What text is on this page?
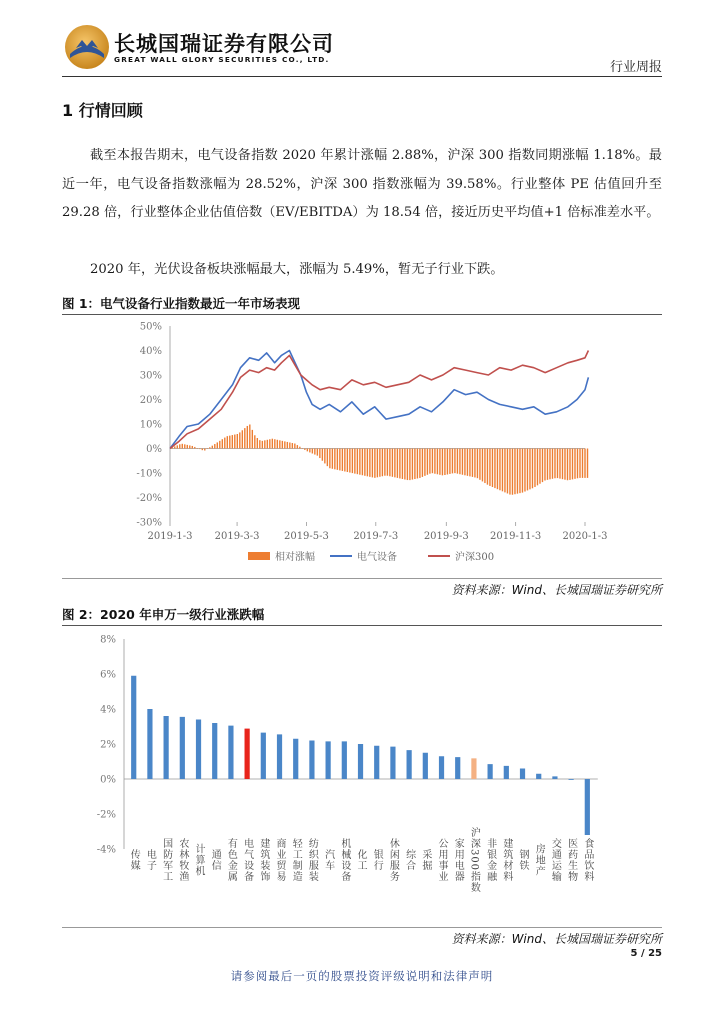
长城国瑞证券有限公司
GREAT WALL GLORY SECURITIES CO., LTD.
行业周报
1 行情回顾

截至本报告期末，电气设备指数 2020 年累计涨幅 2.88%，沪深 300 指数同期涨幅 1.18%。最近一年，电气设备指数涨幅为 28.52%，沪深 300 指数涨幅为 39.58%。行业整体 PE 估值回升至 29.28 倍，行业整体企业估值倍数（EV/EBITDA）为 18.54 倍，接近历史平均值+1 倍标准差水平。

2020 年，光伏设备板块涨幅最大，涨幅为 5.49%，暂无子行业下跌。

图 1：电气设备行业指数最近一年市场表现
-30%
-20%
-10%
0%
10%
20%
30%
40%
50%
2019-1-3 2019-3-3 2019-5-3 2019-7-3	2019-9-3 2019-11-3 2020-1-3
相对涨幅	电气设备	沪深300
资料来源：Wind、长城国瑞证券研究所
图 2：2020 年申万一级行业涨跌幅
-4%
-2%
0%
2%
4%
6%
8%
传媒 电子 国防军工 农林牧渔 计算机 通信 有色金属 电气设备 建筑装饰 商业贸易 轻工制造 纺织服装 汽车 机械设备 化工 银行 休闲服务 综合 采掘 公用事业 家用电器 沪深300指数 非银金融 建筑材料 钢铁 房地产 交通运输 医药生物 食品饮料
资料来源：Wind、长城国瑞证券研究所
5 / 25
请参阅最后一页的股票投资评级说明和法律声明
